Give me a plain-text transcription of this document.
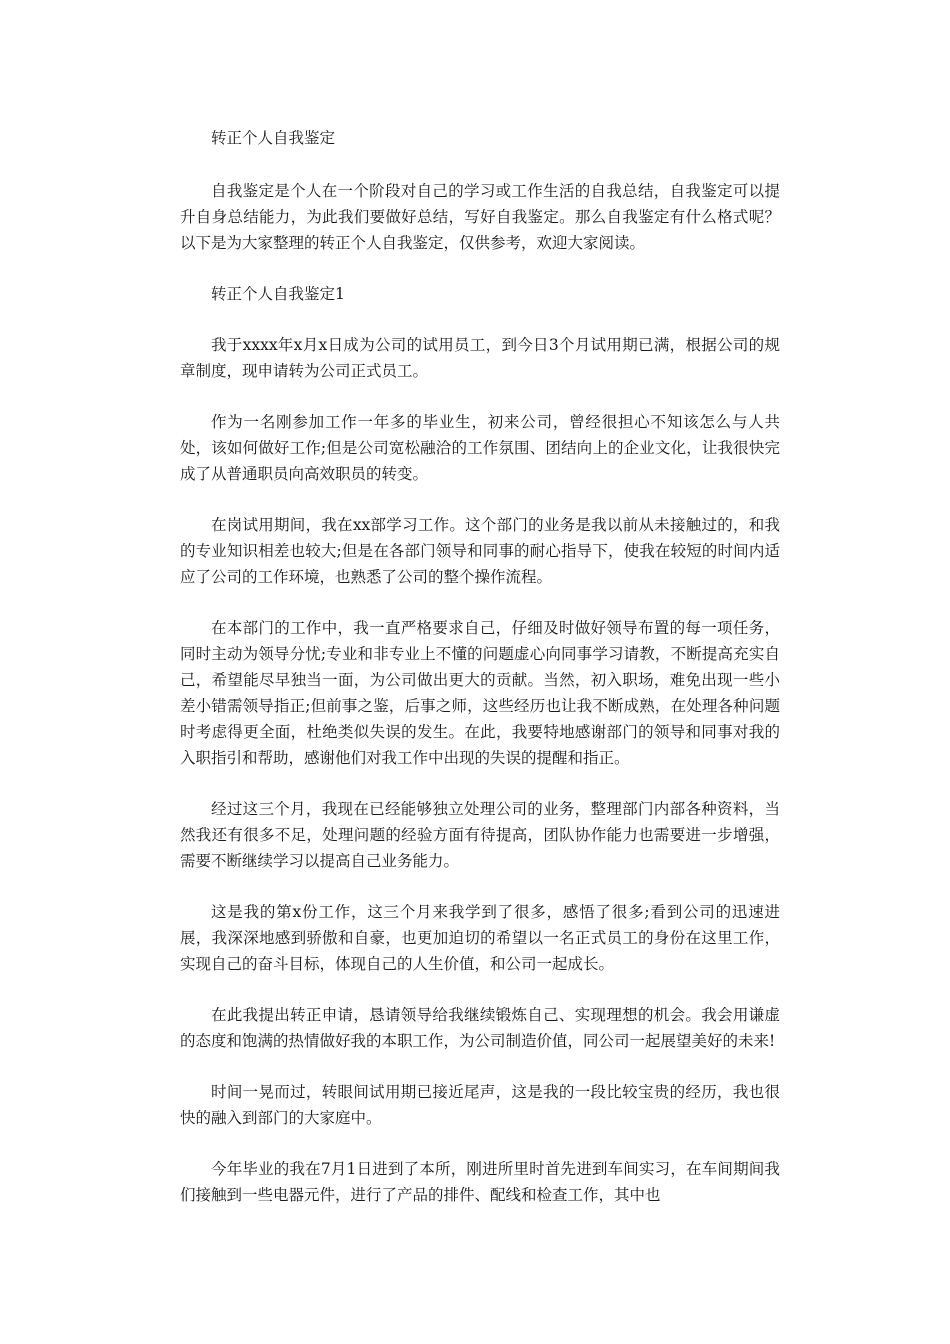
转正个人自我鉴定

自我鉴定是个人在一个阶段对自己的学习或工作生活的自我总结，自我鉴定可以提升自身总结能力，为此我们要做好总结，写好自我鉴定。那么自我鉴定有什么格式呢？以下是为大家整理的转正个人自我鉴定，仅供参考，欢迎大家阅读。

转正个人自我鉴定1

我于xxxx年x月x日成为公司的试用员工，到今日3个月试用期已满，根据公司的规章制度，现申请转为公司正式员工。

作为一名刚参加工作一年多的毕业生，初来公司，曾经很担心不知该怎么与人共处，该如何做好工作;但是公司宽松融洽的工作氛围、团结向上的企业文化，让我很快完成了从普通职员向高效职员的转变。

在岗试用期间，我在xx部学习工作。这个部门的业务是我以前从未接触过的，和我的专业知识相差也较大;但是在各部门领导和同事的耐心指导下，使我在较短的时间内适应了公司的工作环境，也熟悉了公司的整个操作流程。

在本部门的工作中，我一直严格要求自己，仔细及时做好领导布置的每一项任务，同时主动为领导分忧;专业和非专业上不懂的问题虚心向同事学习请教，不断提高充实自己，希望能尽早独当一面，为公司做出更大的贡献。当然，初入职场，难免出现一些小差小错需领导指正;但前事之鉴，后事之师，这些经历也让我不断成熟，在处理各种问题时考虑得更全面，杜绝类似失误的发生。在此，我要特地感谢部门的领导和同事对我的入职指引和帮助，感谢他们对我工作中出现的失误的提醒和指正。

经过这三个月，我现在已经能够独立处理公司的业务，整理部门内部各种资料，当然我还有很多不足，处理问题的经验方面有待提高，团队协作能力也需要进一步增强，需要不断继续学习以提高自己业务能力。

这是我的第x份工作，这三个月来我学到了很多，感悟了很多;看到公司的迅速进展，我深深地感到骄傲和自豪，也更加迫切的希望以一名正式员工的身份在这里工作，实现自己的奋斗目标，体现自己的人生价值，和公司一起成长。

在此我提出转正申请，恳请领导给我继续锻炼自己、实现理想的机会。我会用谦虚的态度和饱满的热情做好我的本职工作，为公司制造价值，同公司一起展望美好的未来!

时间一晃而过，转眼间试用期已接近尾声，这是我的一段比较宝贵的经历，我也很快的融入到部门的大家庭中。

今年毕业的我在7月1日进到了本所，刚进所里时首先进到车间实习，在车间期间我们接触到一些电器元件，进行了产品的排件、配线和检查工作，其中也
